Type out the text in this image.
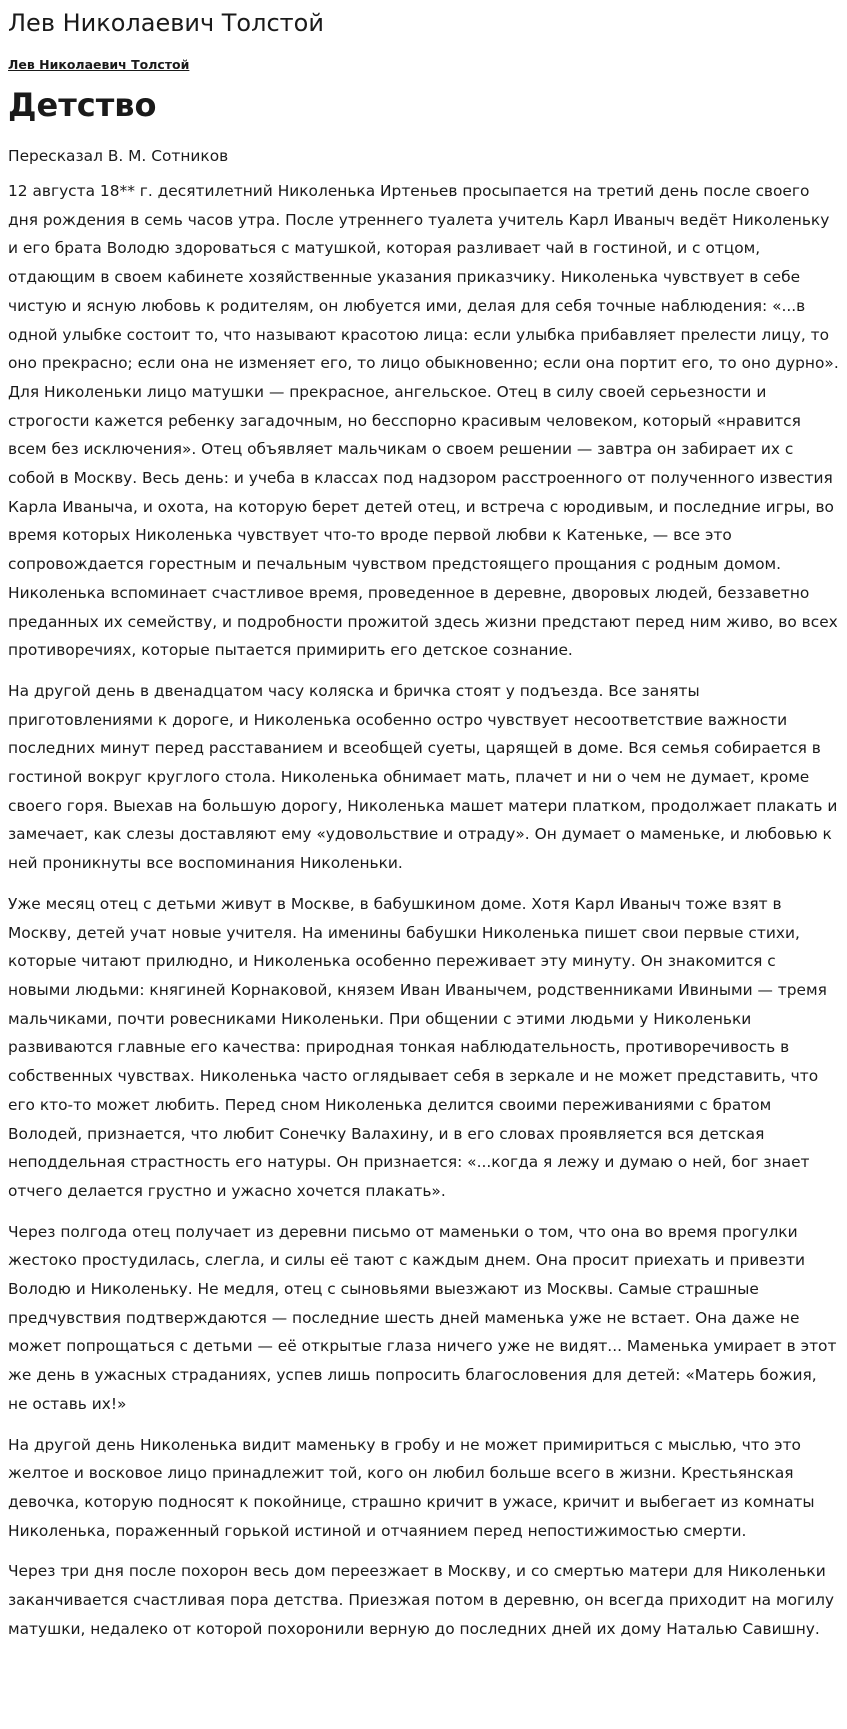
Лев Николаевич Толстой
Лев Николаевич Толстой
Детство

Пересказал В. М. Сотников

12 августа 18** г. десятилетний Николенька Иртеньев просыпается на третий день после своего дня рождения в семь часов утра. После утреннего туалета учитель Карл Иваныч ведёт Николеньку и его брата Володю здороваться с матушкой, которая разливает чай в гостиной, и с отцом, отдающим в своем кабинете хозяйственные указания приказчику. Николенька чувствует в себе чистую и ясную любовь к родителям, он любуется ими, делая для себя точные наблюдения: «...в одной улыбке состоит то, что называют красотою лица: если улыбка прибавляет прелести лицу, то оно прекрасно; если она не изменяет его, то лицо обыкновенно; если она портит его, то оно дурно». Для Николеньки лицо матушки — прекрасное, ангельское. Отец в силу своей серьезности и строгости кажется ребенку загадочным, но бесспорно красивым человеком, который «нравится всем без исключения». Отец объявляет мальчикам о своем решении — завтра он забирает их с собой в Москву. Весь день: и учеба в классах под надзором расстроенного от полученного известия Карла Иваныча, и охота, на которую берет детей отец, и встреча с юродивым, и последние игры, во время которых Николенька чувствует что-то вроде первой любви к Катеньке, — все это сопровождается горестным и печальным чувством предстоящего прощания с родным домом. Николенька вспоминает счастливое время, проведенное в деревне, дворовых людей, беззаветно преданных их семейству, и подробности прожитой здесь жизни предстают перед ним живо, во всех противоречиях, которые пытается примирить его детское сознание.

На другой день в двенадцатом часу коляска и бричка стоят у подъезда. Все заняты приготовлениями к дороге, и Николенька особенно остро чувствует несоответствие важности последних минут перед расставанием и всеобщей суеты, царящей в доме. Вся семья собирается в гостиной вокруг круглого стола. Николенька обнимает мать, плачет и ни о чем не думает, кроме своего горя. Выехав на большую дорогу, Николенька машет матери платком, продолжает плакать и замечает, как слезы доставляют ему «удовольствие и отраду». Он думает о маменьке, и любовью к ней проникнуты все воспоминания Николеньки.

Уже месяц отец с детьми живут в Москве, в бабушкином доме. Хотя Карл Иваныч тоже взят в Москву, детей учат новые учителя. На именины бабушки Николенька пишет свои первые стихи, которые читают прилюдно, и Николенька особенно переживает эту минуту. Он знакомится с новыми людьми: княгиней Корнаковой, князем Иван Иванычем, родственниками Ивиными — тремя мальчиками, почти ровесниками Николеньки. При общении с этими людьми у Николеньки развиваются главные его качества: природная тонкая наблюдательность, противоречивость в собственных чувствах. Николенька часто оглядывает себя в зеркале и не может представить, что его кто-то может любить. Перед сном Николенька делится своими переживаниями с братом Володей, признается, что любит Сонечку Валахину, и в его словах проявляется вся детская неподдельная страстность его натуры. Он признается: «...когда я лежу и думаю о ней, бог знает отчего делается грустно и ужасно хочется плакать».

Через полгода отец получает из деревни письмо от маменьки о том, что она во время прогулки жестоко простудилась, слегла, и силы её тают с каждым днем. Она просит приехать и привезти Володю и Николеньку. Не медля, отец с сыновьями выезжают из Москвы. Самые страшные предчувствия подтверждаются — последние шесть дней маменька уже не встает. Она даже не может попрощаться с детьми — её открытые глаза ничего уже не видят... Маменька умирает в этот же день в ужасных страданиях, успев лишь попросить благословения для детей: «Матерь божия, не оставь их!»

На другой день Николенька видит маменьку в гробу и не может примириться с мыслью, что это желтое и восковое лицо принадлежит той, кого он любил больше всего в жизни. Крестьянская девочка, которую подносят к покойнице, страшно кричит в ужасе, кричит и выбегает из комнаты Николенька, пораженный горькой истиной и отчаянием перед непостижимостью смерти.

Через три дня после похорон весь дом переезжает в Москву, и со смертью матери для Николеньки заканчивается счастливая пора детства. Приезжая потом в деревню, он всегда приходит на могилу матушки, недалеко от которой похоронили верную до последних дней их дому Наталью Савишну.
